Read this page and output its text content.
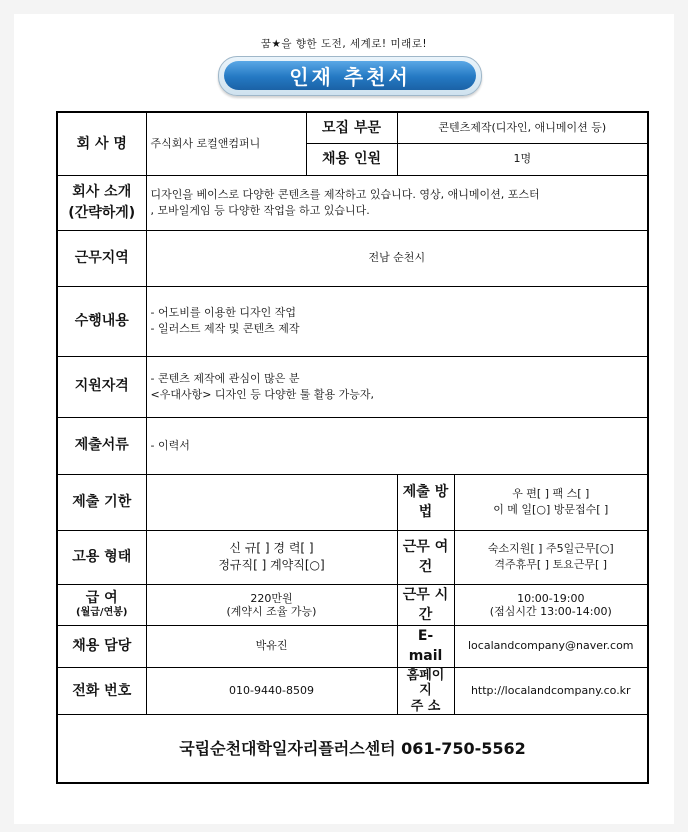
꿈★을 향한 도전, 세계로! 미래로!
인재 추천서
회 사 명	주식회사 로컬앤컴퍼니	모집 부문	콘텐츠제작(디자인, 애니메이션 등)	
		채용 인원	1명	

회사 소개
(간략하게)	디자인을 베이스로 다양한 콘텐츠를 제작하고 있습니다. 영상, 애니메이션, 포스터
, 모바일게임 등 다양한 작업을 하고 있습니다.			

근무지역	전남 순천시			
수행내용	- 어도비를 이용한 디자인 작업
- 일러스트 제작 및 콘텐츠 제작			

지원자격	- 콘텐츠 제작에 관심이 많은 분
<우대사항> 디자인 등 다양한 툴 활용 가능자,			

제출서류	- 이력서			
제출 기한			제출 방법	우 편[ ] 팩 스[ ]
이 메 일[○] 방문접수[ ]

고용 형태	신 규[ ] 경 력[ ]
정규직[ ] 계약직[○]		근무 여건	숙소지원[ ] 주5일근무[○]
격주휴무[ ] 토요근무[ ]

급 여
(월급/연봉)	220만원
(계약시 조율 가능)		근무 시간	10:00-19:00
(점심시간 13:00-14:00)

채용 담당	박유진		E-mail	localandcompany@naver.com
전화 번호	010-9440-8509		홈페이지
주 소	http://localandcompany.co.kr
국립순천대학일자리플러스센터 061-750-5562				
